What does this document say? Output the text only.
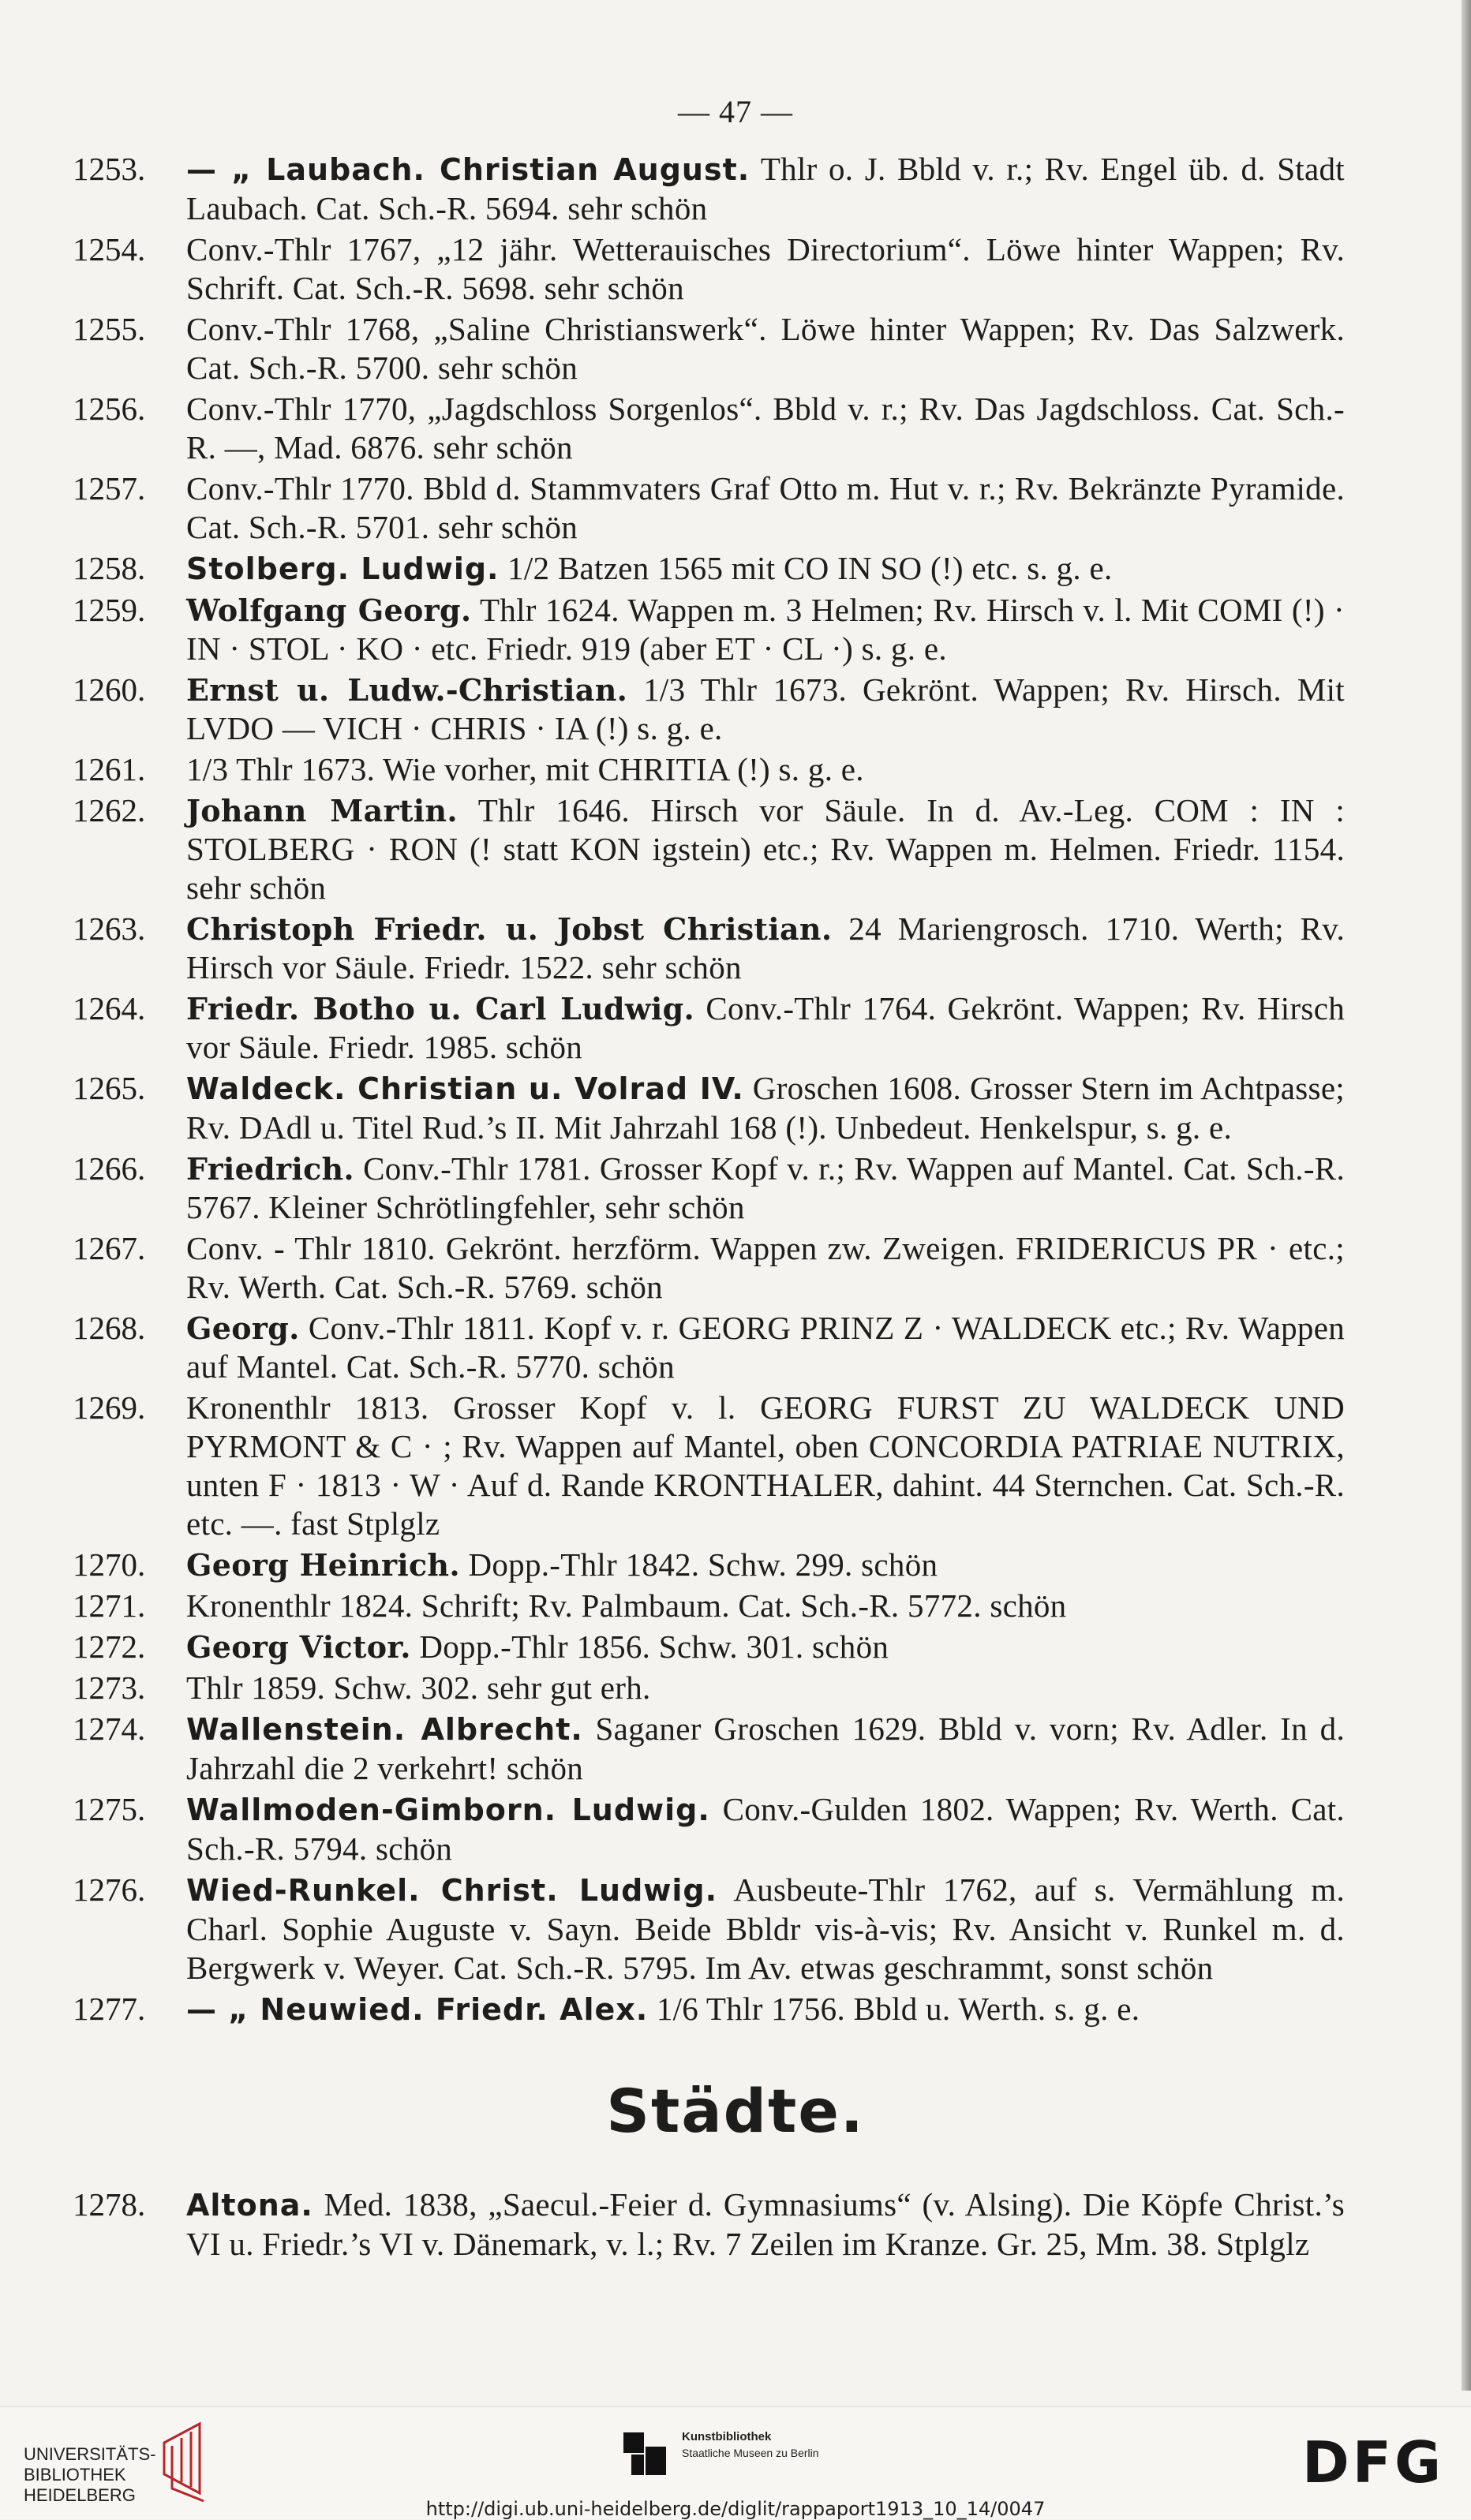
— 47 —
1253.	— „ Laubach. Christian August. Thlr o. J. Bbld v. r.; Rv. Engel üb. d. Stadt Laubach. Cat. Sch.-R. 5694. sehr schön
1254.	Conv.-Thlr 1767, „12 jähr. Wetterauisches Directorium“. Löwe hinter Wappen; Rv. Schrift. Cat. Sch.-R. 5698. sehr schön
1255.	Conv.-Thlr 1768, „Saline Christianswerk“. Löwe hinter Wappen; Rv. Das Salzwerk. Cat. Sch.-R. 5700. sehr schön
1256.	Conv.-Thlr 1770, „Jagdschloss Sorgenlos“. Bbld v. r.; Rv. Das Jagdschloss. Cat. Sch.-R. —, Mad. 6876. sehr schön
1257.	Conv.-Thlr 1770. Bbld d. Stammvaters Graf Otto m. Hut v. r.; Rv. Bekränzte Pyramide. Cat. Sch.-R. 5701. sehr schön
1258.	Stolberg. Ludwig. 1/2 Batzen 1565 mit CO IN SO (!) etc. s. g. e.
1259.	Wolfgang Georg. Thlr 1624. Wappen m. 3 Helmen; Rv. Hirsch v. l. Mit COMI (!) · IN · STOL · KO · etc. Friedr. 919 (aber ET · CL ·) s. g. e.
1260.	Ernst u. Ludw.-Christian. 1/3 Thlr 1673. Gekrönt. Wappen; Rv. Hirsch. Mit LVDO — VICH · CHRIS · IA (!) s. g. e.
1261.	1/3 Thlr 1673. Wie vorher, mit CHRITIA (!) s. g. e.
1262.	Johann Martin. Thlr 1646. Hirsch vor Säule. In d. Av.-Leg. COM : IN : STOLBERG · RON (! statt KON igstein) etc.; Rv. Wappen m. Helmen. Friedr. 1154. sehr schön
1263.	Christoph Friedr. u. Jobst Christian. 24 Mariengrosch. 1710. Werth; Rv. Hirsch vor Säule. Friedr. 1522. sehr schön
1264.	Friedr. Botho u. Carl Ludwig. Conv.-Thlr 1764. Gekrönt. Wappen; Rv. Hirsch vor Säule. Friedr. 1985. schön
1265.	Waldeck. Christian u. Volrad IV. Groschen 1608. Grosser Stern im Achtpasse; Rv. DAdl u. Titel Rud.’s II. Mit Jahrzahl 168 (!). Unbedeut. Henkelspur, s. g. e.
1266.	Friedrich. Conv.-Thlr 1781. Grosser Kopf v. r.; Rv. Wappen auf Mantel. Cat. Sch.-R. 5767. Kleiner Schrötlingfehler, sehr schön
1267.	Conv. - Thlr 1810. Gekrönt. herzförm. Wappen zw. Zweigen. FRIDERICUS PR · etc.; Rv. Werth. Cat. Sch.-R. 5769. schön
1268.	Georg. Conv.-Thlr 1811. Kopf v. r. GEORG PRINZ Z · WALDECK etc.; Rv. Wappen auf Mantel. Cat. Sch.-R. 5770. schön
1269.	Kronenthlr 1813. Grosser Kopf v. l. GEORG FURST ZU WALDECK UND PYRMONT & C · ; Rv. Wappen auf Mantel, oben CONCORDIA PATRIAE NUTRIX, unten F · 1813 · W · Auf d. Rande KRONTHALER, dahint. 44 Sternchen. Cat. Sch.-R. etc. —. fast Stplglz
1270.	Georg Heinrich. Dopp.-Thlr 1842. Schw. 299. schön
1271.	Kronenthlr 1824. Schrift; Rv. Palmbaum. Cat. Sch.-R. 5772. schön
1272.	Georg Victor. Dopp.-Thlr 1856. Schw. 301. schön
1273.	Thlr 1859. Schw. 302. sehr gut erh.
1274.	Wallenstein. Albrecht. Saganer Groschen 1629. Bbld v. vorn; Rv. Adler. In d. Jahrzahl die 2 verkehrt! schön
1275.	Wallmoden-Gimborn. Ludwig. Conv.-Gulden 1802. Wappen; Rv. Werth. Cat. Sch.-R. 5794. schön
1276.	Wied-Runkel. Christ. Ludwig. Ausbeute-Thlr 1762, auf s. Vermählung m. Charl. Sophie Auguste v. Sayn. Beide Bbldr vis-à-vis; Rv. Ansicht v. Runkel m. d. Bergwerk v. Weyer. Cat. Sch.-R. 5795. Im Av. etwas geschrammt, sonst schön
1277.	— „ Neuwied. Friedr. Alex. 1/6 Thlr 1756. Bbld u. Werth. s. g. e.
Städte.
1278.	Altona. Med. 1838, „Saecul.-Feier d. Gymnasiums“ (v. Alsing). Die Köpfe Christ.’s VI u. Friedr.’s VI v. Dänemark, v. l.; Rv. 7 Zeilen im Kranze. Gr. 25, Mm. 38. Stplglz
UNIVERSITÄTS-
BIBLIOTHEK
HEIDELBERG
Kunstbibliothek
Staatliche Museen zu Berlin	DFG
http://digi.ub.uni-heidelberg.de/diglit/rappaport1913_10_14/0047
